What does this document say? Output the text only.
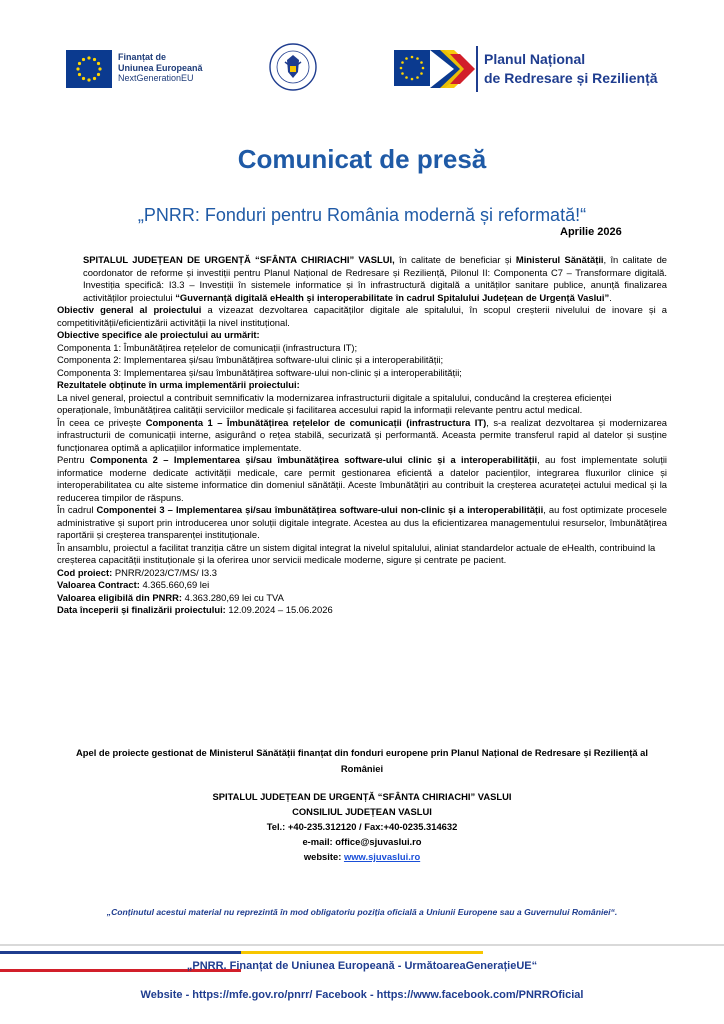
Finanțat de
Uniunea Europeană
NextGenerationEU
Planul Național
de Redresare și Reziliență
Comunicat de presă
„PNRR: Fonduri pentru România modernă și reformată!“
Aprilie 2026

SPITALUL JUDEȚEAN DE URGENȚĂ “SFÂNTA CHIRIACHI” VASLUI, în calitate de beneficiar și Ministerul Sănătății, în calitate de coordonator de reforme și investiții pentru Planul Național de Redresare și Reziliență, Pilonul II: Componenta C7 – Transformare digitală. Investiția specifică: I3.3 – Investiții în sistemele informatice și în infrastructură digitală a unităților sanitare publice, anunță finalizarea activităților proiectului “Guvernanță digitală eHealth și interoperabilitate în cadrul Spitalului Județean de Urgență Vaslui”.

Obiectiv general al proiectului a vizeazat dezvoltarea capacităților digitale ale spitalului, în scopul creșterii nivelului de inovare și a competitivității/eficientizării activității la nivel instituțional.

Obiective specifice ale proiectului au urmărit:

Componenta 1: Îmbunătățirea rețelelor de comunicații (infrastructura IT);

Componenta 2: Implementarea și/sau îmbunătățirea software-ului clinic și a interoperabilității;

Componenta 3: Implementarea și/sau îmbunătățirea software-ului non-clinic și a interoperabilității;

Rezultatele obținute în urma implementării proiectului:

La nivel general, proiectul a contribuit semnificativ la modernizarea infrastructurii digitale a spitalului, conducând la creșterea eficienței operaționale, îmbunătățirea calității serviciilor medicale și facilitarea accesului rapid la informații relevante pentru actul medical.

În ceea ce privește Componenta 1 – Îmbunătățirea rețelelor de comunicații (infrastructura IT), s-a realizat dezvoltarea și modernizarea infrastructurii de comunicații interne, asigurând o rețea stabilă, securizată și performantă. Aceasta permite transferul rapid al datelor și susține funcționarea optimă a aplicațiilor informatice implementate.

Pentru Componenta 2 – Implementarea și/sau îmbunătățirea software-ului clinic și a interoperabilității, au fost implementate soluții informatice moderne dedicate activității medicale, care permit gestionarea eficientă a datelor pacienților, integrarea fluxurilor clinice și interoperabilitatea cu alte sisteme informatice din domeniul sănătății. Aceste îmbunătățiri au contribuit la creșterea acurateței actului medical și la reducerea timpilor de răspuns.

În cadrul Componentei 3 – Implementarea și/sau îmbunătățirea software-ului non-clinic și a interoperabilității, au fost optimizate procesele administrative și suport prin introducerea unor soluții digitale integrate. Acestea au dus la eficientizarea managementului resurselor, îmbunătățirea raportării și creșterea transparenței instituționale.

În ansamblu, proiectul a facilitat tranziția către un sistem digital integrat la nivelul spitalului, aliniat standardelor actuale de eHealth, contribuind la creșterea capacității instituționale și la oferirea unor servicii medicale moderne, sigure și centrate pe pacient.

Cod proiect: PNRR/2023/C7/MS/ I3.3

Valoarea Contract: 4.365.660,69 lei

Valoarea eligibilă din PNRR: 4.363.280,69 lei cu TVA

Data începerii și finalizării proiectului: 12.09.2024 – 15.06.2026

Apel de proiecte gestionat de Ministerul Sănătății finanțat din fonduri europene prin Planul Național de Redresare și Reziliență al României
SPITALUL JUDEȚEAN DE URGENȚĂ “SFÂNTA CHIRIACHI” VASLUI
CONSILIUL JUDEȚEAN VASLUI
Tel.: +40-235.312120 / Fax:+40-0235.314632
e-mail: office@sjuvaslui.ro
website: www.sjuvaslui.ro
„Conținutul acestui material nu reprezintă în mod obligatoriu poziția oficială a Uniunii Europene sau a Guvernului României“.
„PNRR. Finanțat de Uniunea Europeană - UrmătoareaGenerațieUE“
Website - https://mfe.gov.ro/pnrr/ Facebook - https://www.facebook.com/PNRROficial
